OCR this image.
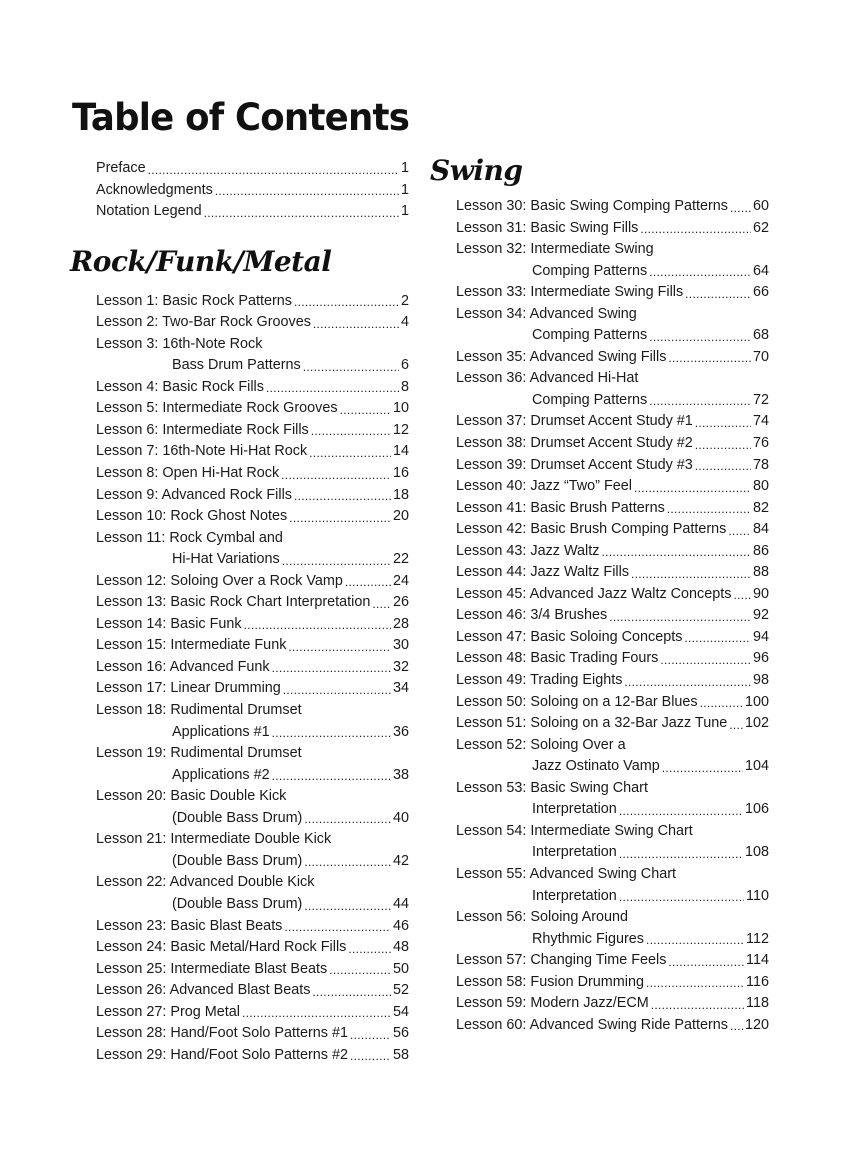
Table of Contents
Preface .....	1
Acknowledgments .....	1
Notation Legend .....	1
Rock/Funk/Metal
Lesson 1: Basic Rock Patterns .....	2
Lesson 2: Two-Bar Rock Grooves .....	4
Lesson 3: 16th-Note Rock
Bass Drum Patterns .....	6
Lesson 4: Basic Rock Fills .....	8
Lesson 5: Intermediate Rock Grooves .....	10
Lesson 6: Intermediate Rock Fills .....	12
Lesson 7: 16th-Note Hi-Hat Rock .....	14
Lesson 8: Open Hi-Hat Rock .....	16
Lesson 9: Advanced Rock Fills .....	18
Lesson 10: Rock Ghost Notes .....	20
Lesson 11: Rock Cymbal and
Hi-Hat Variations .....	22
Lesson 12: Soloing Over a Rock Vamp .....	24
Lesson 13: Basic Rock Chart Interpretation ..... 26
Lesson 14: Basic Funk .....	28
Lesson 15: Intermediate Funk .....	30
Lesson 16: Advanced Funk .....	32
Lesson 17: Linear Drumming .....	34
Lesson 18: Rudimental Drumset
Applications #1 .....	36
Lesson 19: Rudimental Drumset
Applications #2 .....	38
Lesson 20: Basic Double Kick
(Double Bass Drum) .....	40
Lesson 21: Intermediate Double Kick
(Double Bass Drum) .....	42
Lesson 22: Advanced Double Kick
(Double Bass Drum) .....	44
Lesson 23: Basic Blast Beats .....	46
Lesson 24: Basic Metal/Hard Rock Fills .....	48
Lesson 25: Intermediate Blast Beats .....	50
Lesson 26: Advanced Blast Beats .....	52
Lesson 27: Prog Metal .....	54
Lesson 28: Hand/Foot Solo Patterns #1 .....	56
Lesson 29: Hand/Foot Solo Patterns #2 .....	58
Swing
Lesson 30: Basic Swing Comping Patterns ..... 60
Lesson 31: Basic Swing Fills .....	62
Lesson 32: Intermediate Swing
Comping Patterns .....	64
Lesson 33: Intermediate Swing Fills .....	66
Lesson 34: Advanced Swing
Comping Patterns .....	68
Lesson 35: Advanced Swing Fills .....	70
Lesson 36: Advanced Hi-Hat
Comping Patterns .....	72
Lesson 37: Drumset Accent Study #1 .....	74
Lesson 38: Drumset Accent Study #2 .....	76
Lesson 39: Drumset Accent Study #3 .....	78
Lesson 40: Jazz “Two” Feel .....	80
Lesson 41: Basic Brush Patterns .....	82
Lesson 42: Basic Brush Comping Patterns ..... 84
Lesson 43: Jazz Waltz .....	86
Lesson 44: Jazz Waltz Fills .....	88
Lesson 45: Advanced Jazz Waltz Concepts ..... 90
Lesson 46: 3/4 Brushes .....	92
Lesson 47: Basic Soloing Concepts .....	94
Lesson 48: Basic Trading Fours .....	96
Lesson 49: Trading Eights .....	98
Lesson 50: Soloing on a 12-Bar Blues .....	100
Lesson 51: Soloing on a 32-Bar Jazz Tune ..... 102
Lesson 52: Soloing Over a
Jazz Ostinato Vamp .....	104
Lesson 53: Basic Swing Chart
Interpretation .....	106
Lesson 54: Intermediate Swing Chart
Interpretation .....	108
Lesson 55: Advanced Swing Chart
Interpretation .....	110
Lesson 56: Soloing Around
Rhythmic Figures .....	112
Lesson 57: Changing Time Feels .....	114
Lesson 58: Fusion Drumming .....	116
Lesson 59: Modern Jazz/ECM .....	118
Lesson 60: Advanced Swing Ride Patterns ..... 120
